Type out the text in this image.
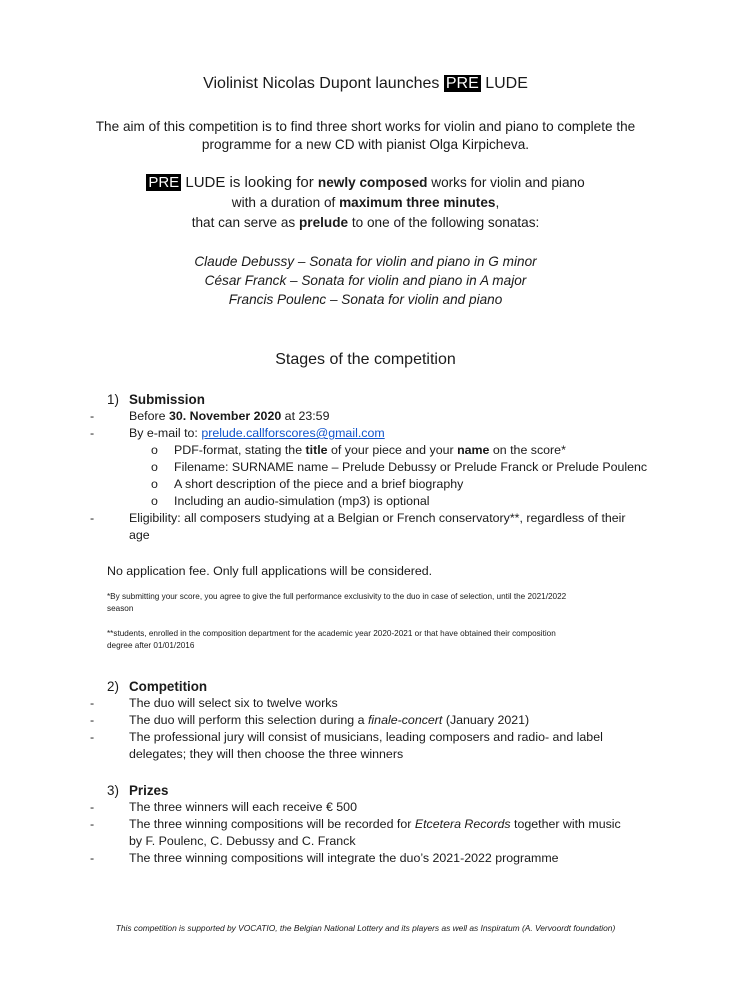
Violinist Nicolas Dupont launches PRE LUDE
The aim of this competition is to find three short works for violin and piano to complete the
programme for a new CD with pianist Olga Kirpicheva.
PRE LUDE is looking for newly composed works for violin and piano
with a duration of maximum three minutes,
that can serve as prelude to one of the following sonatas:
Claude Debussy – Sonata for violin and piano in G minor
César Franck – Sonata for violin and piano in A major
Francis Poulenc – Sonata for violin and piano
Stages of the competition
1) Submission
-	Before 30. November 2020 at 23:59
-	By e-mail to: prelude.callforscores@gmail.com
o PDF-format, stating the title of your piece and your name on the score*
o Filename: SURNAME name – Prelude Debussy or Prelude Franck or Prelude Poulenc
o A short description of the piece and a brief biography
o Including an audio-simulation (mp3) is optional
-	Eligibility: all composers studying at a Belgian or French conservatory**, regardless of their
age
No application fee. Only full applications will be considered.
*By submitting your score, you agree to give the full performance exclusivity to the duo in case of selection, until the 2021/2022
season
**students, enrolled in the composition department for the academic year 2020-2021 or that have obtained their composition
degree after 01/01/2016
2) Competition
-	The duo will select six to twelve works
-	The duo will perform this selection during a finale-concert (January 2021)
-	The professional jury will consist of musicians, leading composers and radio- and label
delegates; they will then choose the three winners
3) Prizes
-	The three winners will each receive € 500
-	The three winning compositions will be recorded for Etcetera Records together with music
by F. Poulenc, C. Debussy and C. Franck
-	The three winning compositions will integrate the duo’s 2021-2022 programme
This competition is supported by VOCATIO, the Belgian National Lottery and its players as well as Inspiratum (A. Vervoordt foundation)
